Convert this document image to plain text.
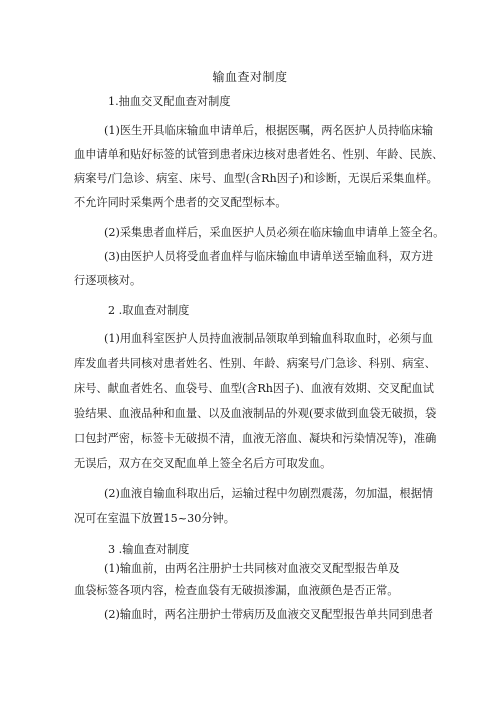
输血查对制度
1.抽血交叉配血查对制度
(1)医生开具临床输血申请单后，根据医嘱，两名医护人员持临床输
血申请单和贴好标签的试管到患者床边核对患者姓名、性别、年龄、民族、
病案号/门急诊、病室、床号、血型(含Rh因子)和诊断，无误后采集血样。
不允许同时采集两个患者的交叉配型标本。
(2)采集患者血样后，采血医护人员必须在临床输血申请单上签全名。
(3)由医护人员将受血者血样与临床输血申请单送至输血科，双方进
行逐项核对。
2 .取血查对制度
(1)用血科室医护人员持血液制品领取单到输血科取血时，必须与血
库发血者共同核对患者姓名、性别、年龄、病案号/门急诊、科别、病室、
床号、献血者姓名、血袋号、血型(含Rh因子)、血液有效期、交叉配血试
验结果、血液品种和血量、以及血液制品的外观(要求做到血袋无破损，袋
口包封严密，标签卡无破损不清，血液无溶血、凝块和污染情况等)，准确
无误后，双方在交叉配血单上签全名后方可取发血。
(2)血液自输血科取出后，运输过程中勿剧烈震荡，勿加温，根据情
况可在室温下放置15~30分钟。
3 .输血查对制度
(1)输血前，由两名注册护士共同核对血液交叉配型报告单及
血袋标签各项内容，检查血袋有无破损渗漏，血液颜色是否正常。
(2)输血时，两名注册护士带病历及血液交叉配型报告单共同到患者
